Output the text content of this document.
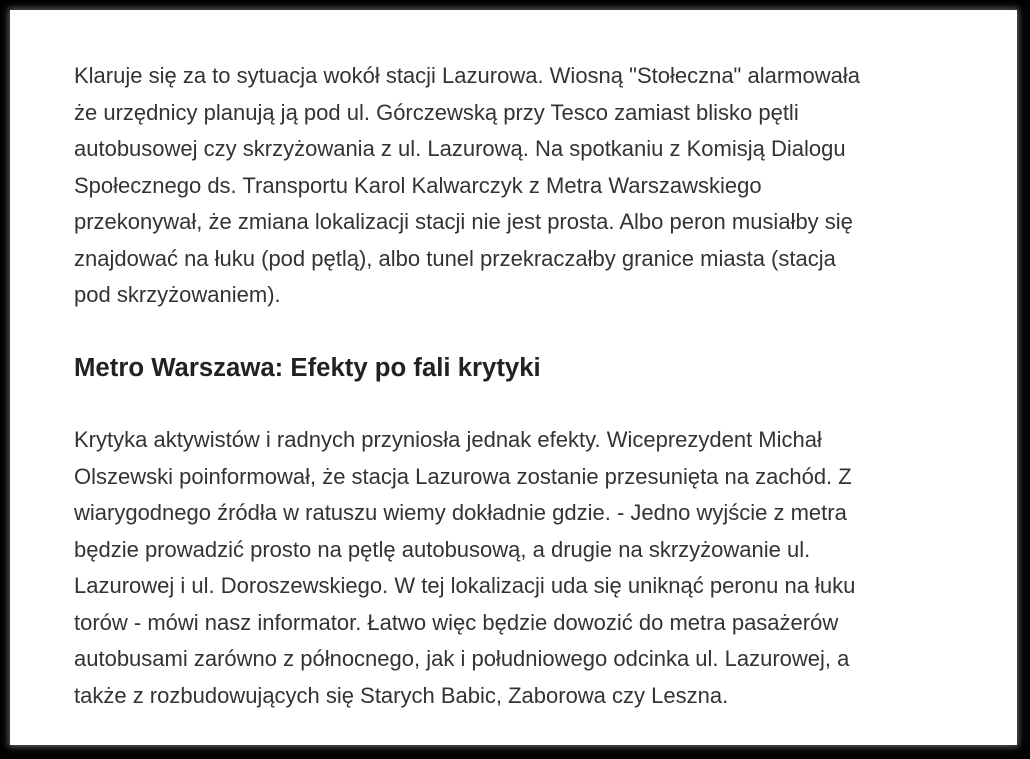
Klaruje się za to sytuacja wokół stacji Lazurowa. Wiosną "Stołeczna" alarmowała
że urzędnicy planują ją pod ul. Górczewską przy Tesco zamiast blisko pętli
autobusowej czy skrzyżowania z ul. Lazurową. Na spotkaniu z Komisją Dialogu
Społecznego ds. Transportu Karol Kalwarczyk z Metra Warszawskiego
przekonywał, że zmiana lokalizacji stacji nie jest prosta. Albo peron musiałby się
znajdować na łuku (pod pętlą), albo tunel przekraczałby granice miasta (stacja
pod skrzyżowaniem).

Metro Warszawa: Efekty po fali krytyki

Krytyka aktywistów i radnych przyniosła jednak efekty. Wiceprezydent Michał
Olszewski poinformował, że stacja Lazurowa zostanie przesunięta na zachód. Z
wiarygodnego źródła w ratuszu wiemy dokładnie gdzie. - Jedno wyjście z metra
będzie prowadzić prosto na pętlę autobusową, a drugie na skrzyżowanie ul.
Lazurowej i ul. Doroszewskiego. W tej lokalizacji uda się uniknąć peronu na łuku
torów - mówi nasz informator. Łatwo więc będzie dowozić do metra pasażerów
autobusami zarówno z północnego, jak i południowego odcinka ul. Lazurowej, a
także z rozbudowujących się Starych Babic, Zaborowa czy Leszna.
